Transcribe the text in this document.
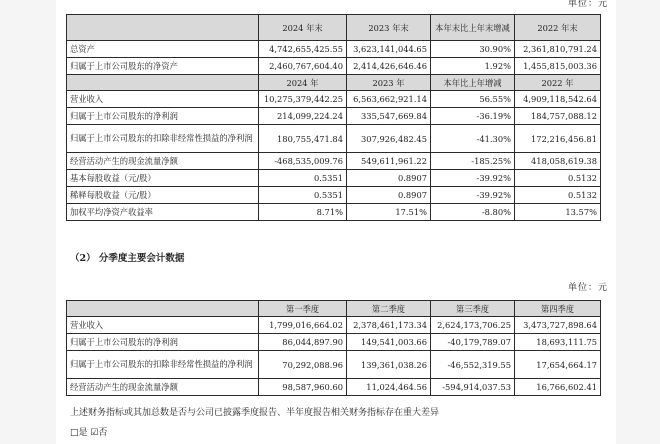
单位：元
	2024 年末	2023 年末	本年末比上年末增减	2022 年末
总资产	4,742,655,425.55	3,623,141,044.65	30.90%	2,361,810,791.24
归属于上市公司股东的净资产	2,460,767,604.40	2,414,426,646.46	1.92%	1,455,815,003.36
	2024 年	2023 年	本年比上年增减	2022 年
营业收入	10,275,379,442.25	6,563,662,921.14	56.55%	4,909,118,542.64
归属于上市公司股东的净利润	214,099,224.24	335,547,669.84	-36.19%	184,757,088.12
归属于上市公司股东的扣除非经常性损益的净利润	180,755,471.84	307,926,482.45	-41.30%	172,216,456.81
经营活动产生的现金流量净额	-468,535,009.76	549,611,961.22	-185.25%	418,058,619.38
基本每股收益（元/股）	0.5351	0.8907	-39.92%	0.5132
稀释每股收益（元/股）	0.5351	0.8907	-39.92%	0.5132
加权平均净资产收益率	8.71%	17.51%	-8.80%	13.57%
（2） 分季度主要会计数据
单位：元
	第一季度	第二季度	第三季度	第四季度
营业收入	1,799,016,664.02	2,378,461,173.34	2,624,173,706.25	3,473,727,898.64
归属于上市公司股东的净利润	86,044,897.90	149,541,003.66	-40,179,789.07	18,693,111.75
归属于上市公司股东的扣除非经常性损益的净利润	70,292,088.96	139,361,038.26	-46,552,319.55	17,654,664.17
经营活动产生的现金流量净额	98,587,960.60	11,024,464.56	-594,914,037.53	16,766,602.41
上述财务指标或其加总数是否与公司已披露季度报告、半年度报告相关财务指标存在重大差异
□是 ☑否
